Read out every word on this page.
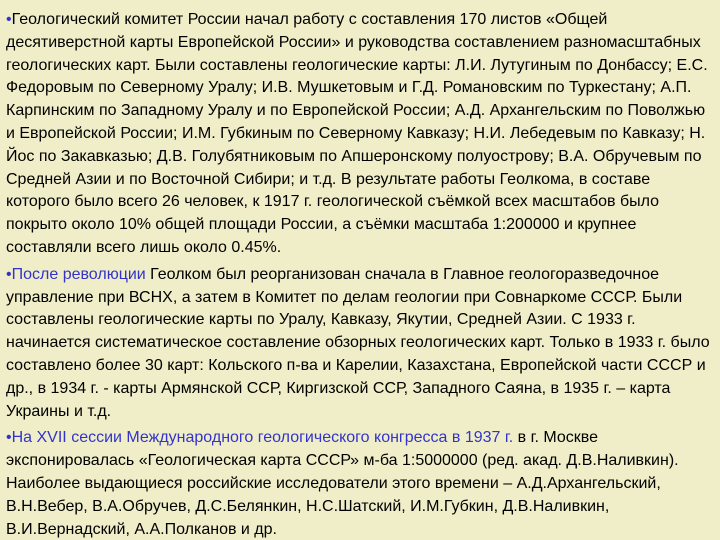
•Геологический комитет России начал работу с составления 170 листов «Общей десятиверстной карты Европейской России» и руководства составлением разномасштабных геологических карт. Были составлены геологические карты: Л.И. Лутугиным по Донбассу; Е.С. Федоровым по Северному Уралу; И.В. Мушкетовым и Г.Д. Романовским по Туркестану; А.П. Карпинским по Западному Уралу и по Европейской России; А.Д. Архангельским по Поволжью и Европейской России; И.М. Губкиным по Северному Кавказу; Н.И. Лебедевым по Кавказу; Н. Йос по Закавказью; Д.В. Голубятниковым по Апшеронскому полуострову; В.А. Обручевым по Средней Азии и по Восточной Сибири; и т.д. В результате работы Геолкома, в составе которого было всего 26 человек, к 1917 г. геологической съёмкой всех масштабов было покрыто около 10% общей площади России, а съёмки масштаба 1:200000 и крупнее составляли всего лишь около 0.45%.

•После революции Геолком был реорганизован сначала в Главное геологоразведочное управление при ВСНХ, а затем в Комитет по делам геологии при Совнаркоме СССР. Были составлены геологические карты по Уралу, Кавказу, Якутии, Средней Азии. С 1933 г. начинается систематическое составление обзорных геологических карт. Только в 1933 г. было составлено более 30 карт: Кольского п-ва и Карелии, Казахстана, Европейской части СССР и др., в 1934 г. - карты Армянской ССР, Киргизской ССР, Западного Саяна, в 1935 г. – карта Украины и т.д.

•На XVII сессии Международного геологического конгресса в 1937 г. в г. Москве экспонировалась «Геологическая карта СССР» м-ба 1:5000000 (ред. акад. Д.В.Наливкин). Наиболее выдающиеся российские исследователи этого времени – А.Д.Архангельский, В.Н.Вебер, В.А.Обручев, Д.С.Белянкин, Н.С.Шатский, И.М.Губкин, Д.В.Наливкин, В.И.Вернадский, А.А.Полканов и др.
